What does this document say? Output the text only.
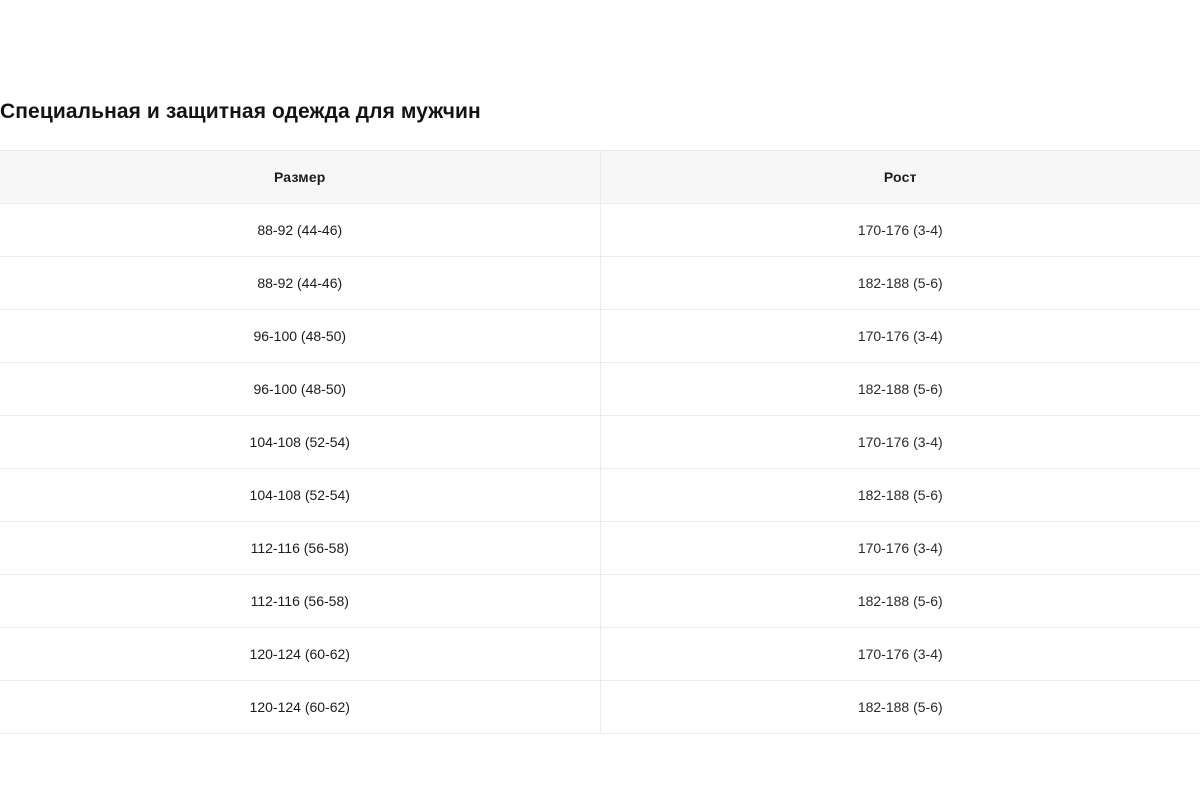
Специальная и защитная одежда для мужчин
Размер	Рост
88-92 (44-46)	170-176 (3-4)
88-92 (44-46)	182-188 (5-6)
96-100 (48-50)	170-176 (3-4)
96-100 (48-50)	182-188 (5-6)
104-108 (52-54)	170-176 (3-4)
104-108 (52-54)	182-188 (5-6)
112-116 (56-58)	170-176 (3-4)
112-116 (56-58)	182-188 (5-6)
120-124 (60-62)	170-176 (3-4)
120-124 (60-62)	182-188 (5-6)
